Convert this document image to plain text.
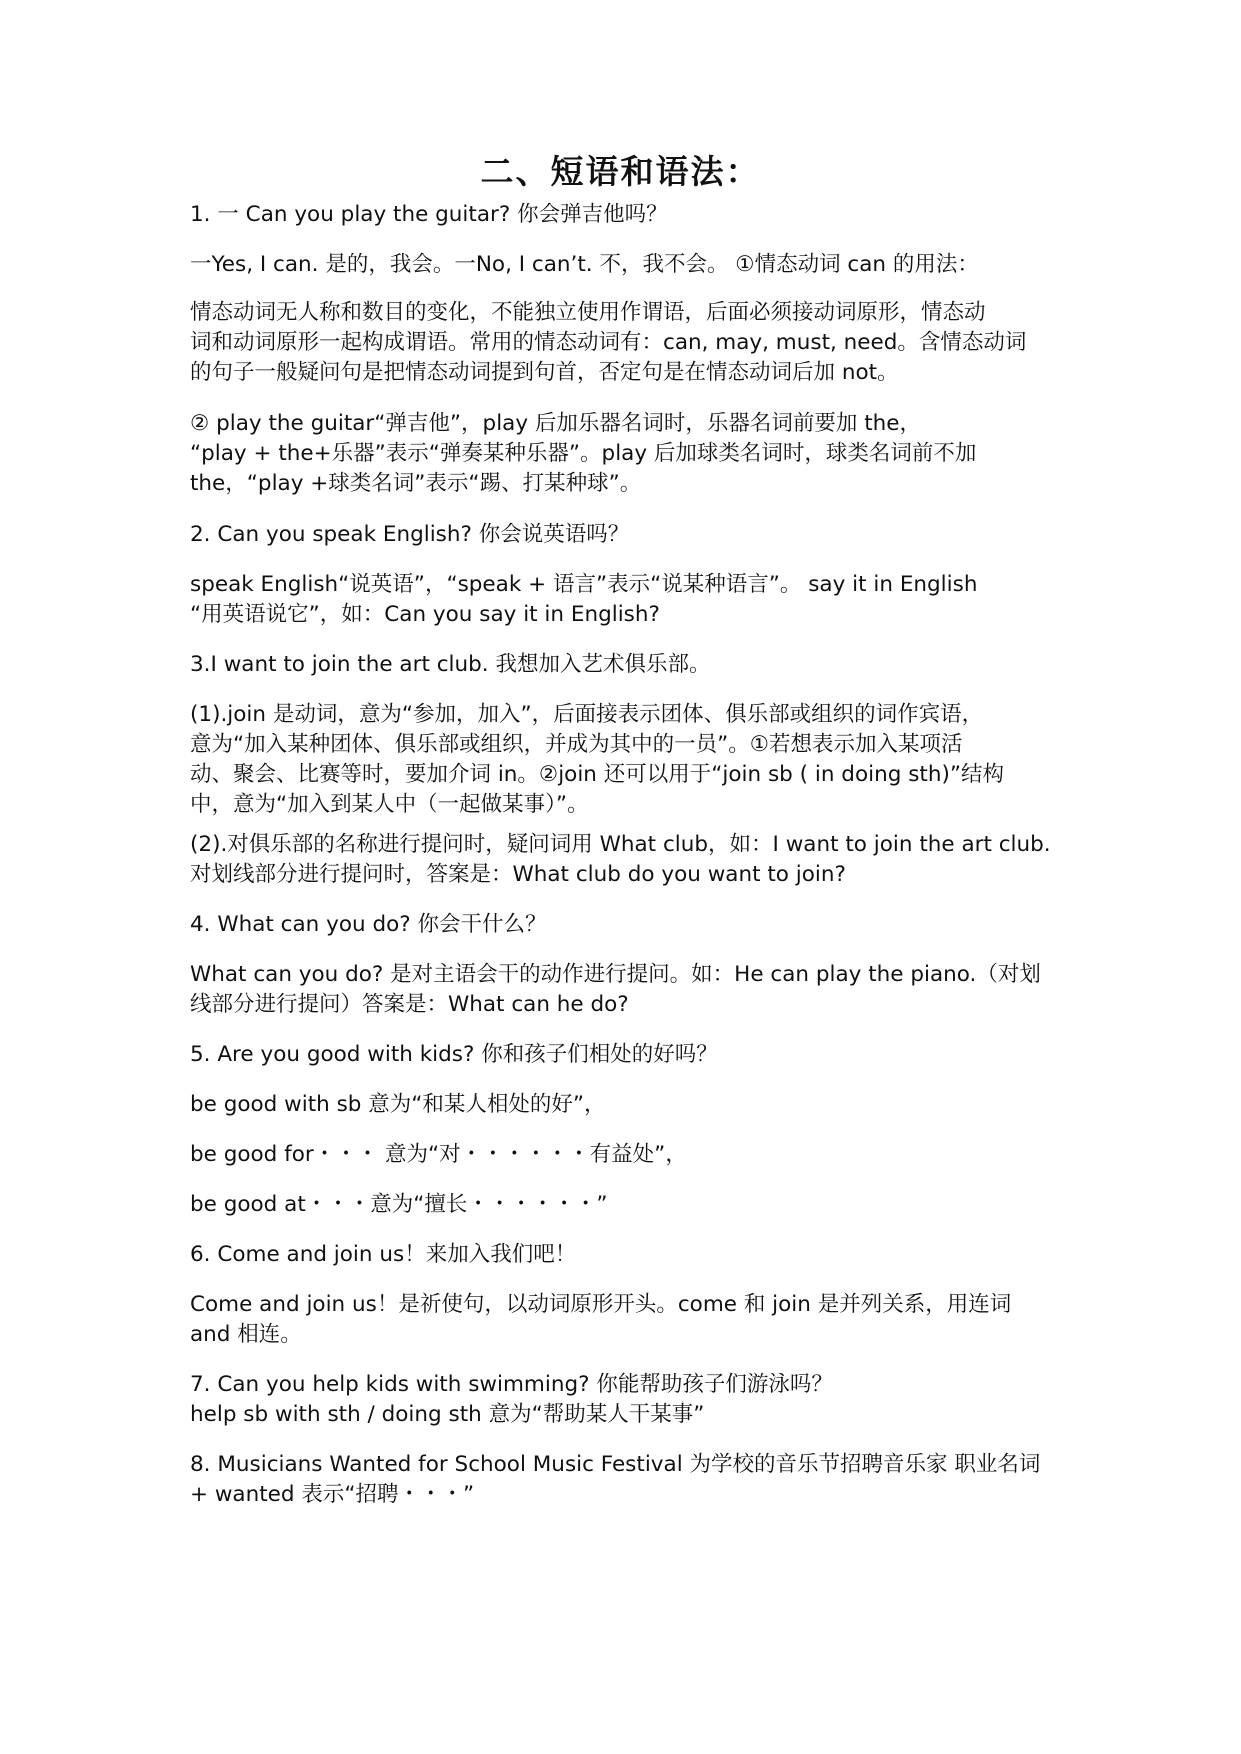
二、短语和语法：
1. 一 Can you play the guitar? 你会弹吉他吗？
一Yes, I can. 是的，我会。一No, I can’t. 不，我不会。 ①情态动词 can 的用法：
情态动词无人称和数目的变化，不能独立使用作谓语，后面必须接动词原形，情态动
词和动词原形一起构成谓语。常用的情态动词有：can, may, must, need。含情态动词
的句子一般疑问句是把情态动词提到句首，否定句是在情态动词后加 not。
② play the guitar“弹吉他”，play 后加乐器名词时，乐器名词前要加 the，
“play + the+乐器”表示“弹奏某种乐器”。play 后加球类名词时，球类名词前不加
the，“play +球类名词”表示“踢、打某种球”。
2. Can you speak English? 你会说英语吗？
speak English“说英语”，“speak + 语言”表示“说某种语言”。 say it in English
“用英语说它”，如：Can you say it in English?
3.I want to join the art club. 我想加入艺术俱乐部。
(1).join 是动词，意为“参加，加入”，后面接表示团体、俱乐部或组织的词作宾语，
意为“加入某种团体、俱乐部或组织，并成为其中的一员”。①若想表示加入某项活
动、聚会、比赛等时，要加介词 in。②join 还可以用于“join sb ( in doing sth)”结构
中，意为“加入到某人中（一起做某事）”。
(2).对俱乐部的名称进行提问时，疑问词用 What club，如：I want to join the art club.
对划线部分进行提问时，答案是：What club do you want to join?
4. What can you do? 你会干什么？
What can you do? 是对主语会干的动作进行提问。如：He can play the piano.（对划
线部分进行提问）答案是：What can he do?
5. Are you good with kids? 你和孩子们相处的好吗？
be good with sb 意为“和某人相处的好”，
be good for・・・ 意为“对・・・・・・有益处”，
be good at・・・意为“擅长・・・・・・”
6. Come and join us！来加入我们吧！
Come and join us！是祈使句，以动词原形开头。come 和 join 是并列关系，用连词
and 相连。
7. Can you help kids with swimming? 你能帮助孩子们游泳吗？
help sb with sth / doing sth 意为“帮助某人干某事”
8. Musicians Wanted for School Music Festival 为学校的音乐节招聘音乐家 职业名词
+ wanted 表示“招聘・・・”
